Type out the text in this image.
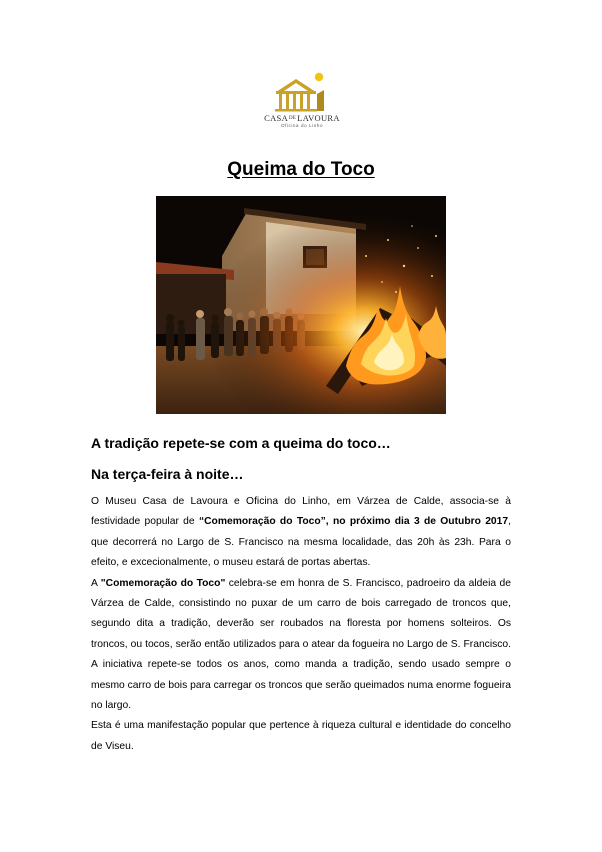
$CASA^{DE}LAVOURA$
Oficina do Linho
Queima do Toco
A tradição repete-se com a queima do toco…
Na terça-feira à noite…

O Museu Casa de Lavoura e Oficina do Linho, em Várzea de Calde, associa-se à festividade popular de “Comemoração do Toco”, no próximo dia 3 de Outubro 2017, que decorrerá no Largo de S. Francisco na mesma localidade, das 20h às 23h. Para o efeito, e excecionalmente, o museu estará de portas abertas.

A "Comemoração do Toco" celebra-se em honra de S. Francisco, padroeiro da aldeia de Várzea de Calde, consistindo no puxar de um carro de bois carregado de troncos que, segundo dita a tradição, deverão ser roubados na floresta por homens solteiros. Os troncos, ou tocos, serão então utilizados para o atear da fogueira no Largo de S. Francisco. A iniciativa repete-se todos os anos, como manda a tradição, sendo usado sempre o mesmo carro de bois para carregar os troncos que serão queimados numa enorme fogueira no largo.

Esta é uma manifestação popular que pertence à riqueza cultural e identidade do concelho de Viseu.
